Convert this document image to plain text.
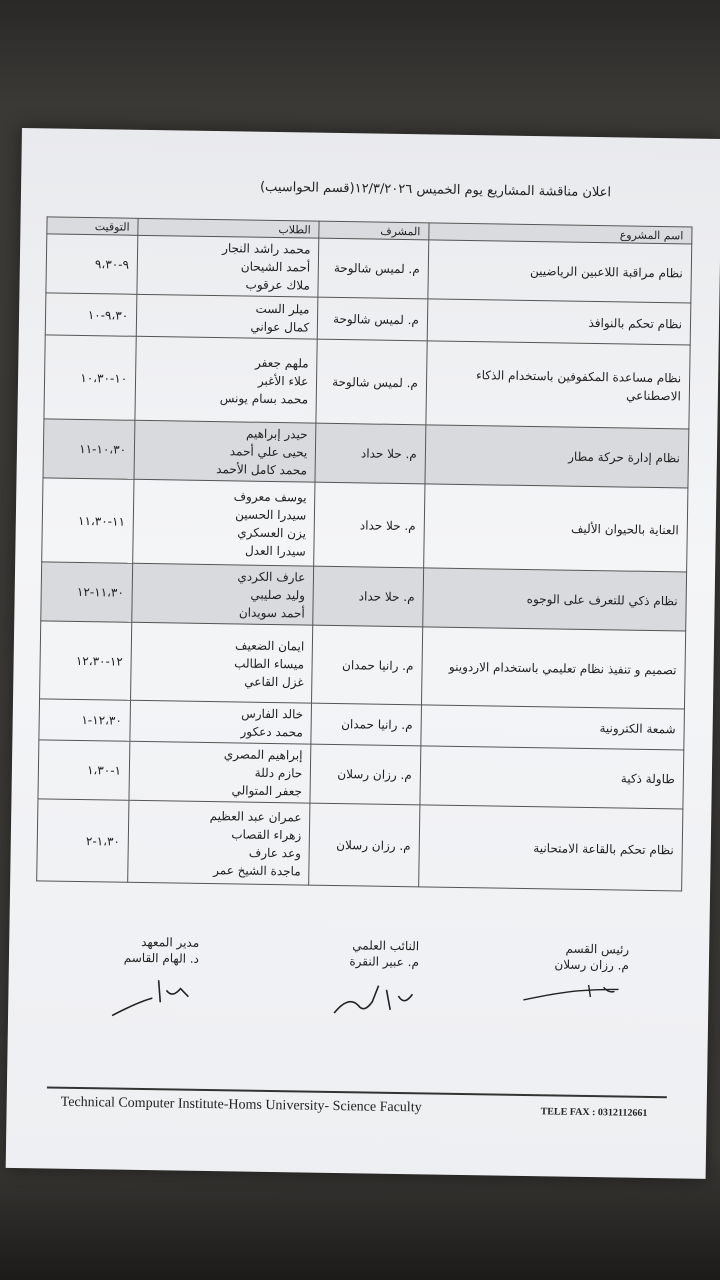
اعلان مناقشة المشاريع يوم الخميس ١٢/٣/٢٠٢٦(قسم الحواسيب)
اسم المشروع	المشرف	الطلاب	التوقيت
نظام مراقبة اللاعبين الرياضيين	م. لميس شالوحة	محمد راشد النجار
أحمد الشيحان
ملاك عرقوب	٩-٩،٣٠
نظام تحكم بالنوافذ	م. لميس شالوحة	ميلر الست
كمال عواني	٩،٣٠-١٠
نظام مساعدة المكفوفين باستخدام الذكاء الاصطناعي	م. لميس شالوحة	ملهم جعفر
علاء الأغبر
محمد بسام يونس	١٠-١٠،٣٠
نظام إدارة حركة مطار	م. حلا حداد	حيدر إبراهيم
يحيى علي أحمد
محمد كامل الأحمد	١٠،٣٠-١١
العناية بالحيوان الأليف	م. حلا حداد	يوسف معروف
سيدرا الحسين
يزن العسكري
سيدرا العدل	١١-١١،٣٠
نظام ذكي للتعرف على الوجوه	م. حلا حداد	عارف الكردي
وليد صليبي
أحمد سويدان	١١،٣٠-١٢
تصميم و تنفيذ نظام تعليمي باستخدام الاردوينو	م. رانيا حمدان	ايمان الضعيف
ميساء الطالب
غزل القاعي	١٢-١٢،٣٠
شمعة الكترونية	م. رانيا حمدان	خالد الفارس
محمد دعكور	١٢،٣٠-١
طاولة ذكية	م. رزان رسلان	إبراهيم المصري
حازم دللة
جعفر المتوالي	١-١،٣٠
نظام تحكم بالقاعة الامتحانية	م. رزان رسلان	عمران عبد العظيم
زهراء القصاب
وعد عارف
ماجدة الشيخ عمر	١،٣٠-٢
رئيس القسم
م. رزان رسلان
النائب العلمي
م. عبير النقرة
مدير المعهد
د. الهام القاسم
Technical Computer Institute-Homs University- Science Faculty	TELE FAX : 0312112661
